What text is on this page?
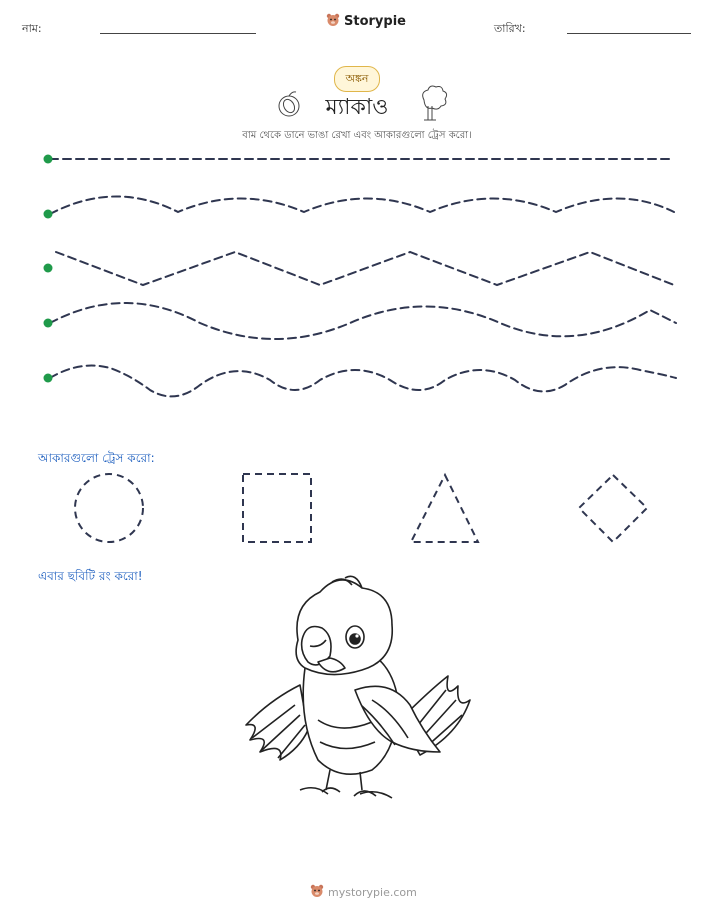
নাম:	Storypie	তারিখ:
অঙ্কন
ম্যাকাও
বাম থেকে ডানে ভাঙা রেখা এবং আকারগুলো ট্রেস করো।
আকারগুলো ট্রেস করো:
এবার ছবিটি রং করো!
mystorypie.com
